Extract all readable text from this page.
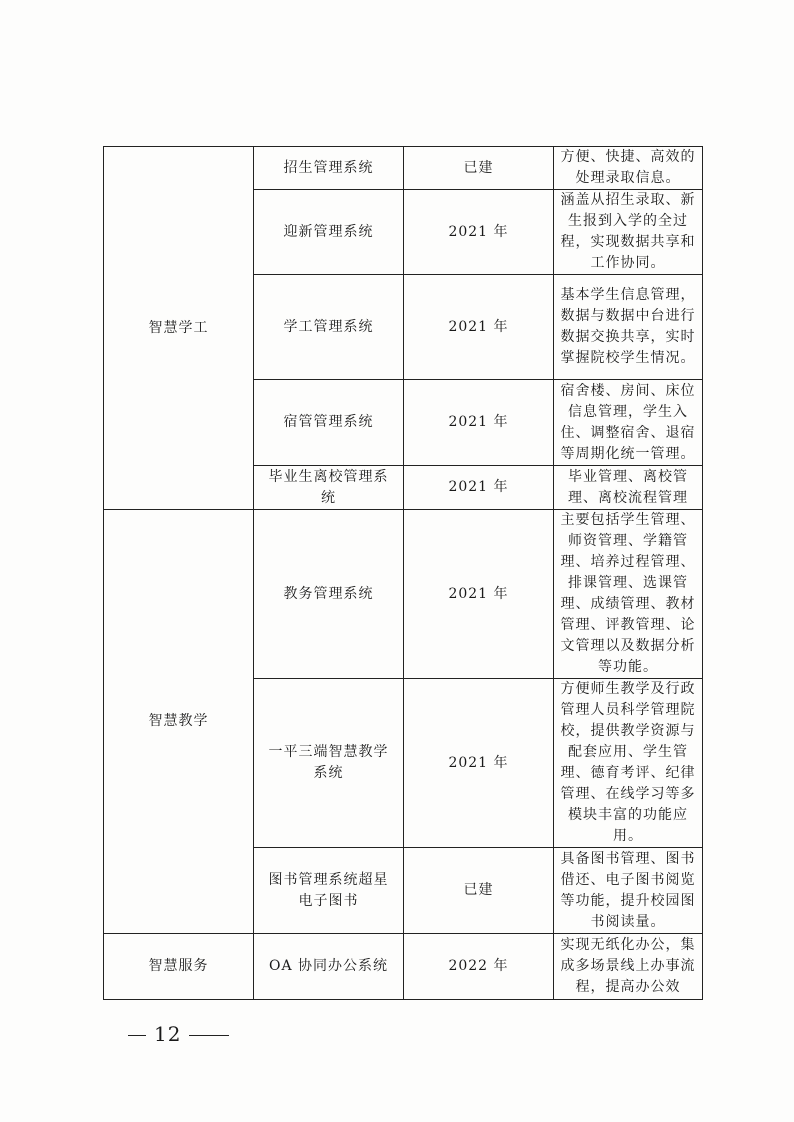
智慧学工	招生管理系统	已建	方便、快捷、高效的处理录取信息。

	迎新管理系统	2021 年	涵盖从招生录取、新生报到入学的全过程，实现数据共享和工作协同。

	学工管理系统	2021 年	基本学生信息管理，数据与数据中台进行数据交换共享，实时掌握院校学生情况。

	宿管管理系统	2021 年	宿舍楼、房间、床位信息管理，学生入住、调整宿舍、退宿等周期化统一管理。

	毕业生离校管理系统	2021 年	毕业管理、离校管理、离校流程管理
智慧教学	教务管理系统	2021 年	主要包括学生管理、师资管理、学籍管理、培养过程管理、排课管理、选课管理、成绩管理、教材管理、评教管理、论文管理以及数据分析等功能。

	一平三端智慧教学系统	2021 年	方便师生教学及行政管理人员科学管理院校，提供教学资源与配套应用、学生管理、德育考评、纪律管理、在线学习等多模块丰富的功能应用。

	图书管理系统超星电子图书	已建	具备图书管理、图书借还、电子图书阅览等功能，提升校园图书阅读量。
智慧服务	OA 协同办公系统	2022 年	实现无纸化办公，集成多场景线上办事流程，提高办公效
12
